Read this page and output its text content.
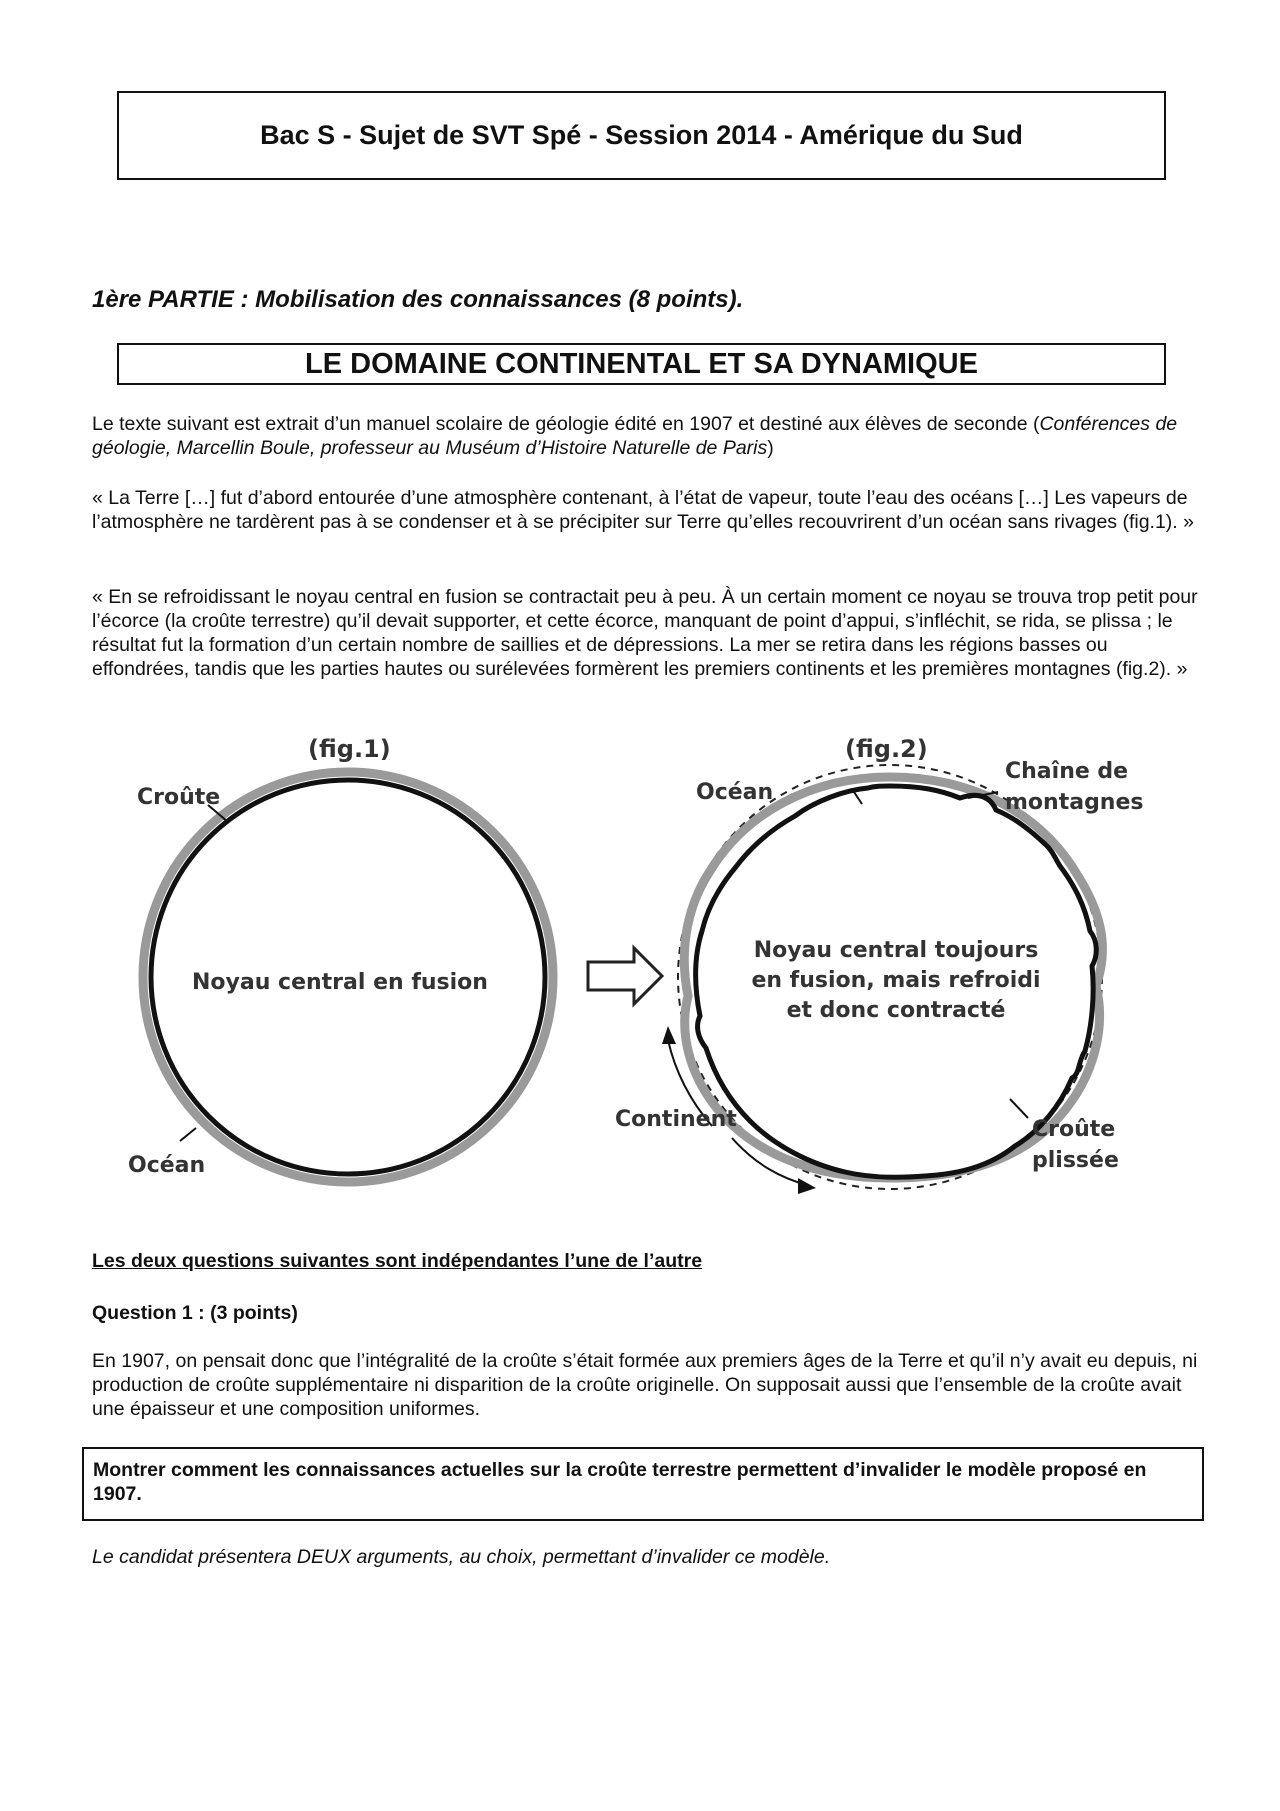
Bac S - Sujet de SVT Spé - Session 2014 - Amérique du Sud
1ère PARTIE : Mobilisation des connaissances (8 points).
LE DOMAINE CONTINENTAL ET SA DYNAMIQUE

Le texte suivant est extrait d’un manuel scolaire de géologie édité en 1907 et destiné aux élèves de seconde (Conférences de géologie, Marcellin Boule, professeur au Muséum d’Histoire Naturelle de Paris)

« La Terre […] fut d’abord entourée d’une atmosphère contenant, à l’état de vapeur, toute l’eau des océans […] Les vapeurs de l’atmosphère ne tardèrent pas à se condenser et à se précipiter sur Terre qu’elles recouvrirent d’un océan sans rivages (fig.1). »

« En se refroidissant le noyau central en fusion se contractait peu à peu. À un certain moment ce noyau se trouva trop petit pour l’écorce (la croûte terrestre) qu’il devait supporter, et cette écorce, manquant de point d’appui, s’infléchit, se rida, se plissa ; le résultat fut la formation d’un certain nombre de saillies et de dépressions. La mer se retira dans les régions basses ou effondrées, tandis que les parties hautes ou surélevées formèrent les premiers continents et les premières montagnes (fig.2). »

(fig.1)
Croûte
Noyau central en fusion
Océan
(fig.2)
Océan
Chaîne de
montagnes
Noyau central toujours
en fusion, mais refroidi
et donc contracté
Continent	Croûte
plissée
Les deux questions suivantes sont indépendantes l’une de l’autre
Question 1 : (3 points)

En 1907, on pensait donc que l’intégralité de la croûte s’était formée aux premiers âges de la Terre et qu’il n’y avait eu depuis, ni production de croûte supplémentaire ni disparition de la croûte originelle. On supposait aussi que l’ensemble de la croûte avait une épaisseur et une composition uniformes.

Montrer comment les connaissances actuelles sur la croûte terrestre permettent d’invalider le modèle proposé en 1907.
Le candidat présentera DEUX arguments, au choix, permettant d’invalider ce modèle.
